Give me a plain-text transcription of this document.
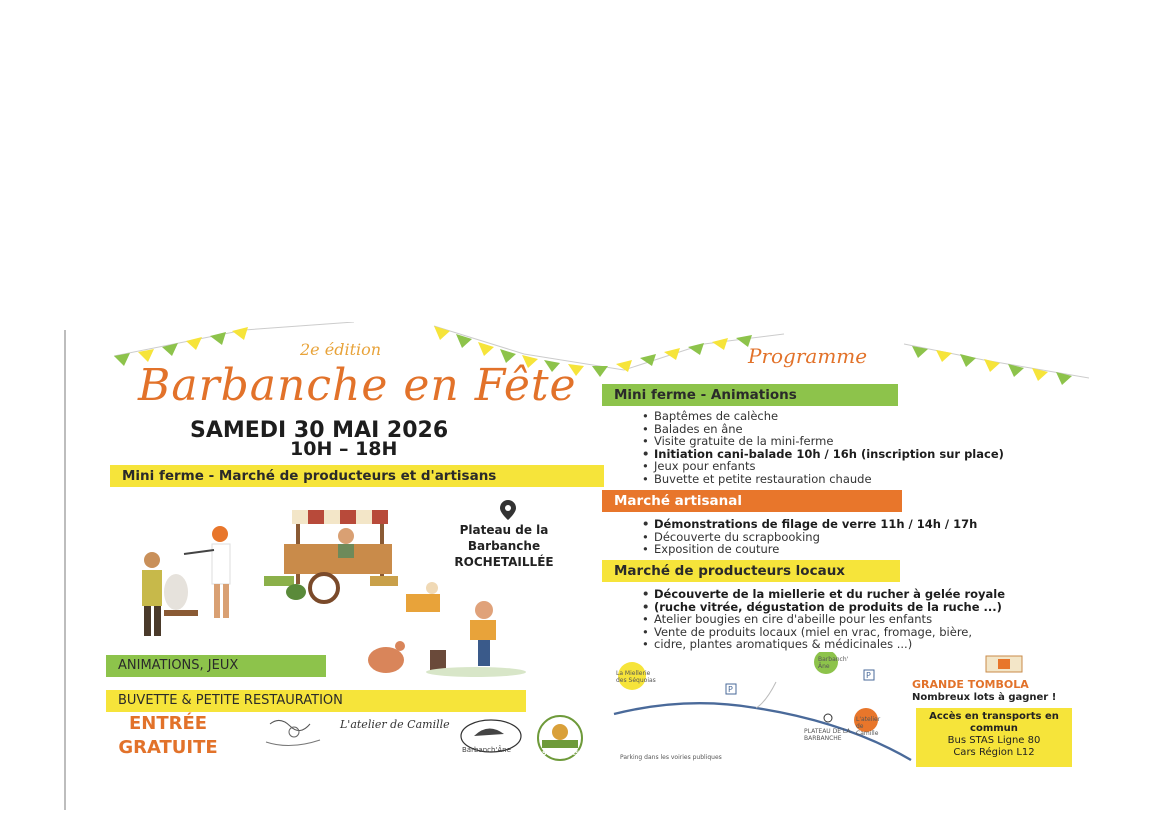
2e édition
Barbanche en Fête
SAMEDI 30 MAI 2026
10H – 18H
Mini ferme - Marché de producteurs et d'artisans
Plateau de la
Barbanche
ROCHETAILLÉE
ANIMATIONS, JEUX
BUVETTE & PETITE RESTAURATION
ENTRÉE
GRATUITE
L'atelier de Camille
Barbanch'Âne	SÉQUOIAS
Programme
Mini ferme - Animations
• Baptêmes de calèche
• Balades en âne
• Visite gratuite de la mini-ferme
• Initiation cani-balade 10h / 16h (inscription sur place)
• Jeux pour enfants
• Buvette et petite restauration chaude
Marché artisanal
• Démonstrations de filage de verre 11h / 14h / 17h
• Découverte du scrapbooking
• Exposition de couture
Marché de producteurs locaux
• Découverte de la miellerie et du rucher à gelée royale
• (ruche vitrée, dégustation de produits de la ruche ...)
• Atelier bougies en cire d'abeille pour les enfants
• Vente de produits locaux (miel en vrac, fromage, bière,
• cidre, plantes aromatiques & médicinales ...)
P
P
La Miellerie des Séquoias
Barbanch' Âne
L'atelier de Camille
PLATEAU DE LA BARBANCHE
Parking dans les voiries publiques
GRANDE TOMBOLA
Nombreux lots à gagner !
Accès en transports en commun
Bus STAS Ligne 80
Cars Région L12
